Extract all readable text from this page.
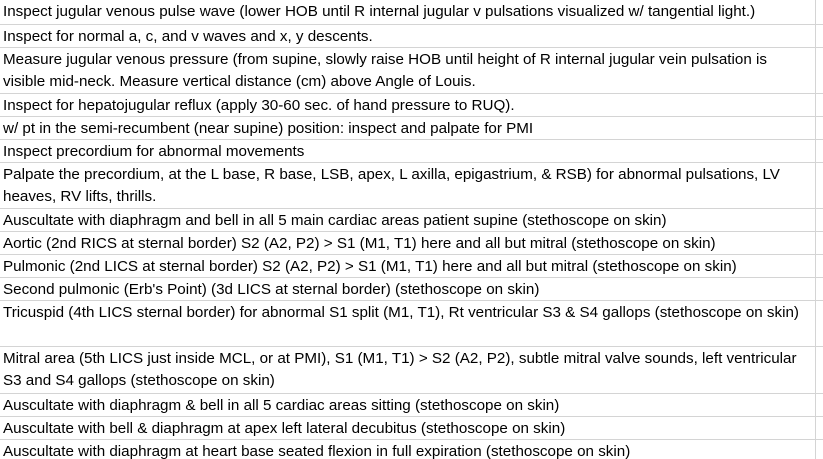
Inspect jugular venous pulse wave (lower HOB until R internal jugular v pulsations visualized w/ tangential light.)
Inspect for normal a, c, and v waves and x, y descents.
Measure jugular venous pressure (from supine, slowly raise HOB until height of R internal jugular vein pulsation is visible mid-neck. Measure vertical distance (cm) above Angle of Louis.
Inspect for hepatojugular reflux (apply 30-60 sec. of hand pressure to RUQ).
w/ pt in the semi-recumbent (near supine) position: inspect and palpate for PMI
Inspect precordium for abnormal movements
Palpate the precordium, at the L base, R base, LSB, apex, L axilla, epigastrium, & RSB) for abnormal pulsations, LV heaves, RV lifts, thrills.
Auscultate with diaphragm and bell in all 5 main cardiac areas patient supine (stethoscope on skin)
Aortic (2nd RICS at sternal border) S2 (A2, P2) > S1 (M1, T1) here and all but mitral (stethoscope on skin)
Pulmonic (2nd LICS at sternal border) S2 (A2, P2) > S1 (M1, T1) here and all but mitral (stethoscope on skin)
Second pulmonic (Erb's Point) (3d LICS at sternal border) (stethoscope on skin)
Tricuspid (4th LICS sternal border) for abnormal S1 split (M1, T1), Rt ventricular S3 & S4 gallops (stethoscope on skin)
Mitral area (5th LICS just inside MCL, or at PMI), S1 (M1, T1) > S2 (A2, P2), subtle mitral valve sounds, left ventricular S3 and S4 gallops (stethoscope on skin)
Auscultate with diaphragm & bell in all 5 cardiac areas sitting (stethoscope on skin)
Auscultate with bell & diaphragm at apex left lateral decubitus (stethoscope on skin)
Auscultate with diaphragm at heart base seated flexion in full expiration (stethoscope on skin)
